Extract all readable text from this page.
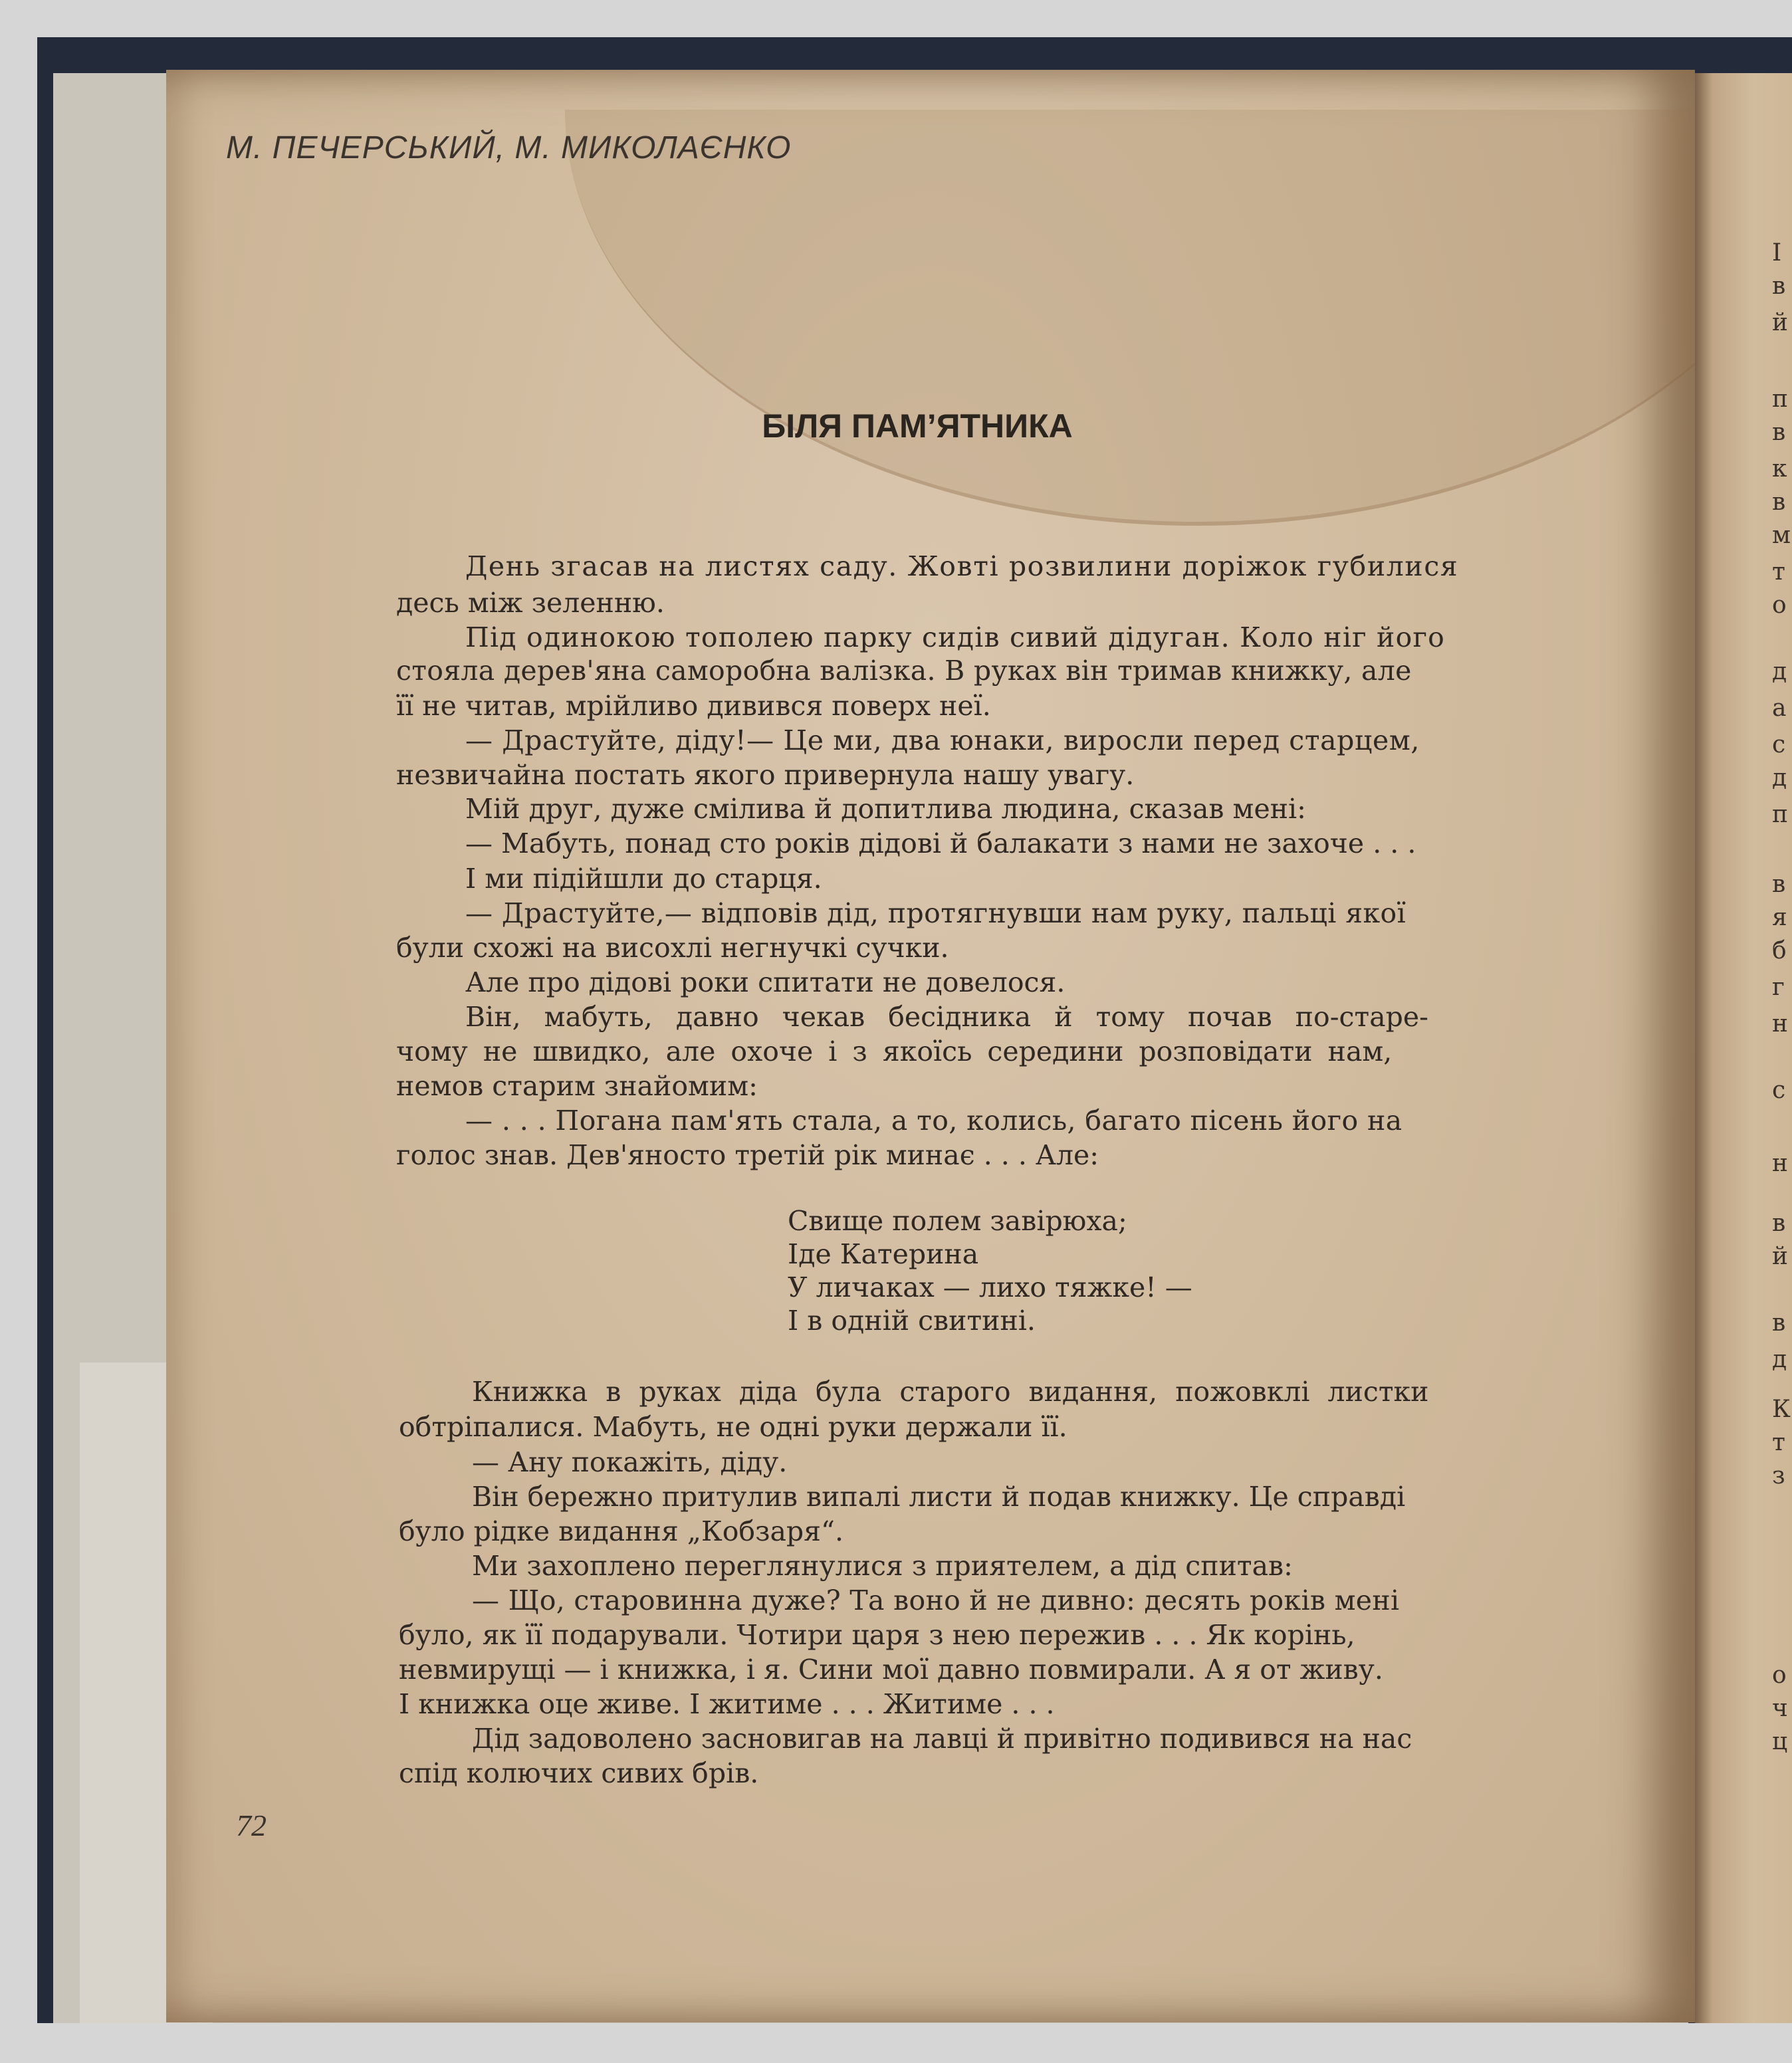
І
в
й
п
в
к
в
м
т
о
д
а
с
д
п
в
я
б
г
н
с
н
в
й
в
д
К
т
з
о
ч
ц
М. ПЕЧЕРСЬКИЙ, М. МИКОЛАЄНКО
БІЛЯ ПАМ’ЯТНИКА
День згасав на листях саду. Жовті розвилини доріжок губилися
десь між зеленню.
Під одинокою тополею парку сидів сивий дідуган. Коло ніг його
стояла дерев'яна саморобна валізка. В руках він тримав книжку, але
її не читав, мрійливо дивився поверх неї.
— Драстуйте, діду!— Це ми, два юнаки, виросли перед старцем,
незвичайна постать якого привернула нашу увагу.
Мій друг, дуже смілива й допитлива людина, сказав мені:
— Мабуть, понад сто років дідові й балакати з нами не захоче . . .
І ми підійшли до старця.
— Драстуйте,— відповів дід, протягнувши нам руку, пальці якої
були схожі на висохлі негнучкі сучки.
Але про дідові роки спитати не довелося.
Він, мабуть, давно чекав бесідника й тому почав по-старе-
чому не швидко, але охоче і з якоїсь середини розповідати нам,
немов старим знайомим:
— . . . Погана пам'ять стала, а то, колись, багато пісень його на
голос знав. Дев'яносто третій рік минає . . . Але:
Свище полем завірюха;
Іде Катерина
У личаках — лихо тяжке! —
І в одній свитині.
Книжка в руках діда була старого видання, пожовклі листки
обтріпалися. Мабуть, не одні руки держали її.
— Ану покажіть, діду.
Він бережно притулив випалі листи й подав книжку. Це справді
було рідке видання „Кобзаря“.
Ми захоплено переглянулися з приятелем, а дід спитав:
— Що, старовинна дуже? Та воно й не дивно: десять років мені
було, як її подарували. Чотири царя з нею пережив . . . Як корінь,
невмирущі — і книжка, і я. Сини мої давно повмирали. А я от живу.
І книжка оце живе. І житиме . . . Житиме . . .
Дід задоволено засновигав на лавці й привітно подивився на нас
спід колючих сивих брів.
72
